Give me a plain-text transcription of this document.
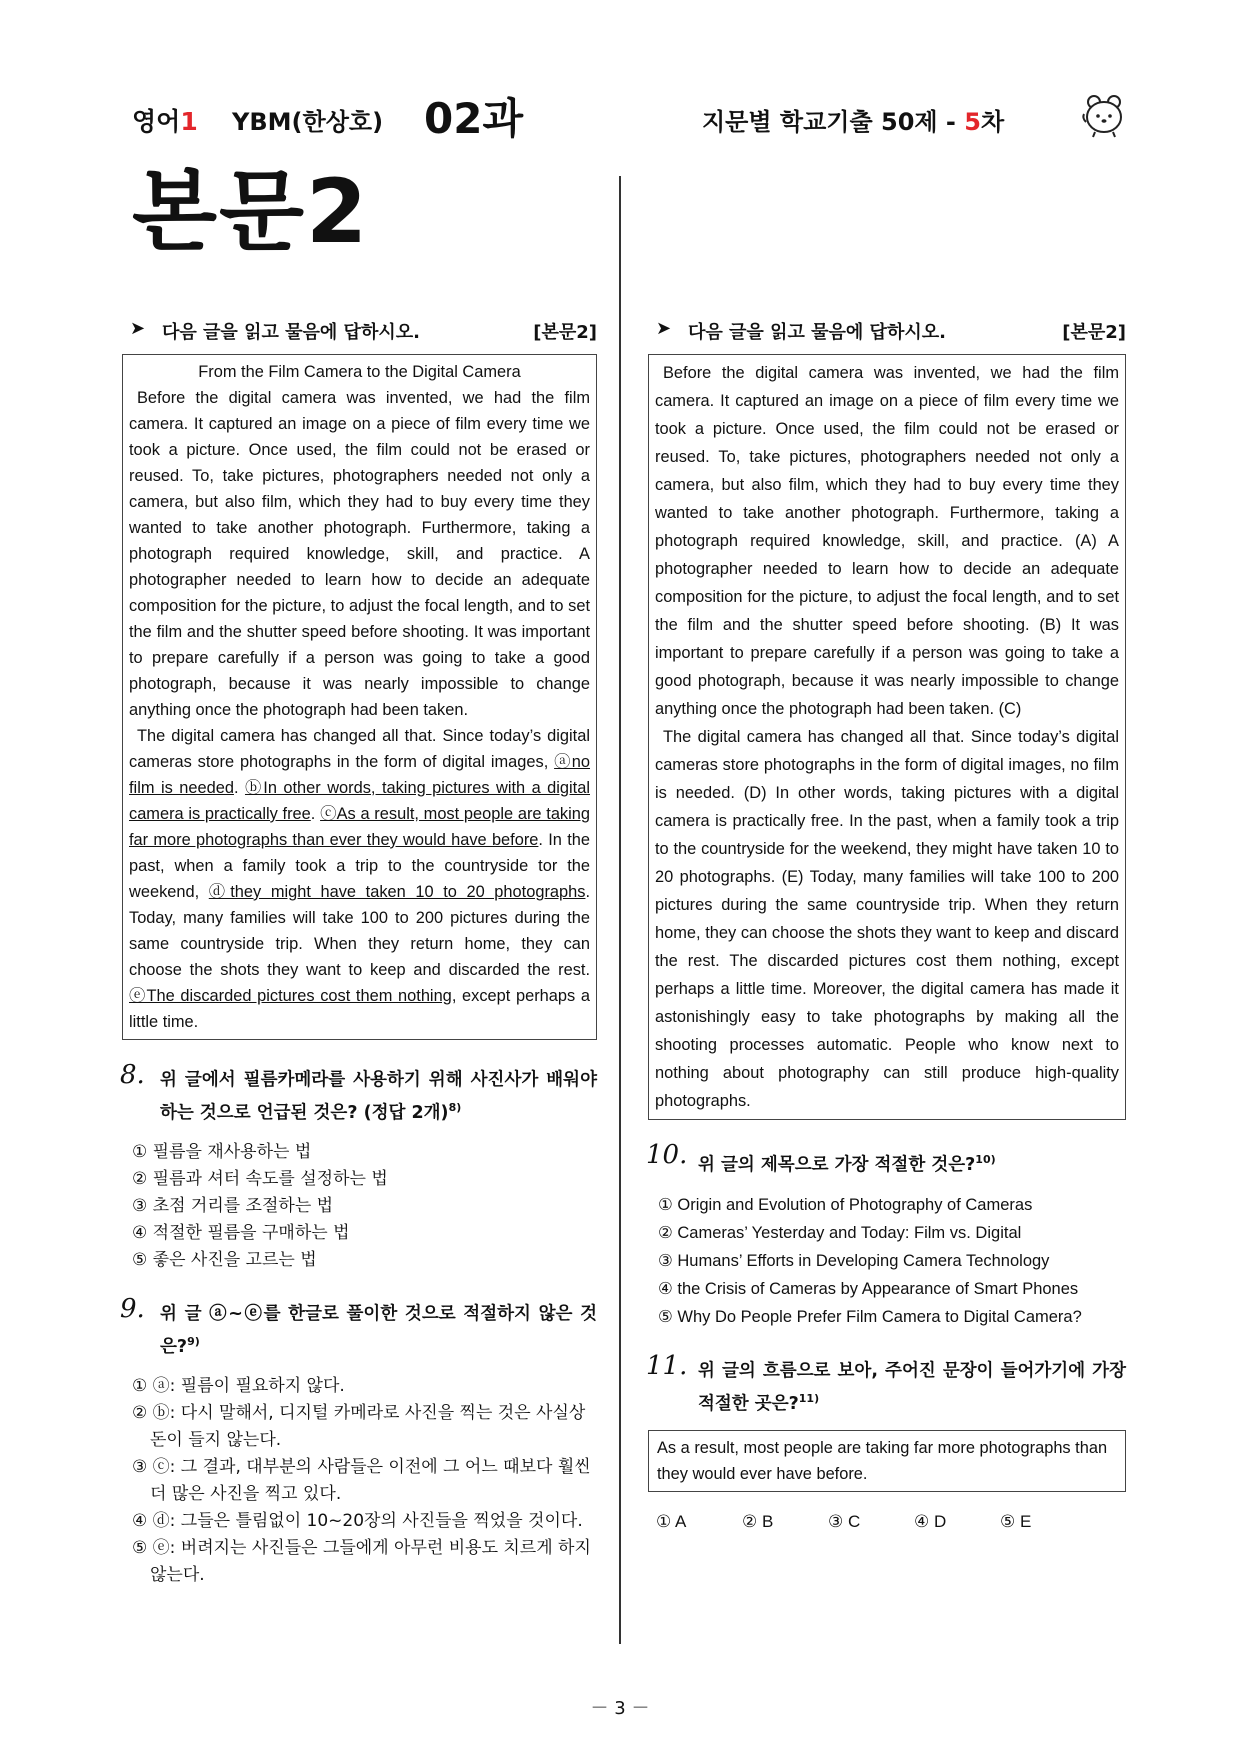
영어1 YBM(한상호) 02과	지문별 학교기출 50제 - 5차
본문2
➤ 다음 글을 읽고 물음에 답하시오.	[본문2]
From the Film Camera to the Digital Camera
Before the digital camera was invented, we had the film camera. It captured an image on a piece of film every time we took a picture. Once used, the film could not be erased or reused. To, take pictures, photographers needed not only a camera, but also film, which they had to buy every time they wanted to take another photograph. Furthermore, taking a photograph required knowledge, skill, and practice. A photographer needed to learn how to decide an adequate composition for the picture, to adjust the focal length, and to set the film and the shutter speed before shooting. It was important to prepare carefully if a person was going to take a good photograph, because it was nearly impossible to change anything once the photograph had been taken.
The digital camera has changed all that. Since today’s digital cameras store photographs in the form of digital images, ⓐno film is needed. ⓑIn other words, taking pictures with a digital camera is practically free. ⓒAs a result, most people are taking far more photographs than ever they would have before. In the past, when a family took a trip to the countryside tor the weekend, ⓓthey might have taken 10 to 20 photographs. Today, many families will take 100 to 200 pictures during the same countryside trip. When they return home, they can choose the shots they want to keep and discarded the rest. ⓔThe discarded pictures cost them nothing, except perhaps a little time.
8. 위 글에서 필름카메라를 사용하기 위해 사진사가 배워야 하는 것으로 언급된 것은? (정답 2개)$^{8)}$
① 필름을 재사용하는 법
② 필름과 셔터 속도를 설정하는 법
③ 초점 거리를 조절하는 법
④ 적절한 필름을 구매하는 법
⑤ 좋은 사진을 고르는 법
9. 위 글 ⓐ~ⓔ를 한글로 풀이한 것으로 적절하지 않은 것은?$^{9)}$
① ⓐ: 필름이 필요하지 않다.
② ⓑ: 다시 말해서, 디지털 카메라로 사진을 찍는 것은 사실상 돈이 들지 않는다.
③ ⓒ: 그 결과, 대부분의 사람들은 이전에 그 어느 때보다 훨씬 더 많은 사진을 찍고 있다.
④ ⓓ: 그들은 틀림없이 10~20장의 사진들을 찍었을 것이다.
⑤ ⓔ: 버려지는 사진들은 그들에게 아무런 비용도 치르게 하지 않는다.
➤ 다음 글을 읽고 물음에 답하시오.	[본문2]
Before the digital camera was invented, we had the film camera. It captured an image on a piece of film every time we took a picture. Once used, the film could not be erased or reused. To, take pictures, photographers needed not only a camera, but also film, which they had to buy every time they wanted to take another photograph. Furthermore, taking a photograph required knowledge, skill, and practice. (A) A photographer needed to learn how to decide an adequate composition for the picture, to adjust the focal length, and to set the film and the shutter speed before shooting. (B) It was important to prepare carefully if a person was going to take a good photograph, because it was nearly impossible to change anything once the photograph had been taken. (C)
The digital camera has changed all that. Since today’s digital cameras store photographs in the form of digital images, no film is needed. (D) In other words, taking pictures with a digital camera is practically free. In the past, when a family took a trip to the countryside for the weekend, they might have taken 10 to 20 photographs. (E) Today, many families will take 100 to 200 pictures during the same countryside trip. When they return home, they can choose the shots they want to keep and discard the rest. The discarded pictures cost them nothing, except perhaps a little time. Moreover, the digital camera has made it astonishingly easy to take photographs by making all the shooting processes automatic. People who know next to nothing about photography can still produce high-quality photographs.
10. 위 글의 제목으로 가장 적절한 것은?$^{10)}$
① Origin and Evolution of Photography of Cameras
② Cameras’ Yesterday and Today: Film vs. Digital
③ Humans’ Efforts in Developing Camera Technology
④ the Crisis of Cameras by Appearance of Smart Phones
⑤ Why Do People Prefer Film Camera to Digital Camera?
11. 위 글의 흐름으로 보아, 주어진 문장이 들어가기에 가장 적절한 곳은?$^{11)}$
As a result, most people are taking far more photographs than they would ever have before.
① A	② B	③ C	④ D	⑤ E
－ 3 －
